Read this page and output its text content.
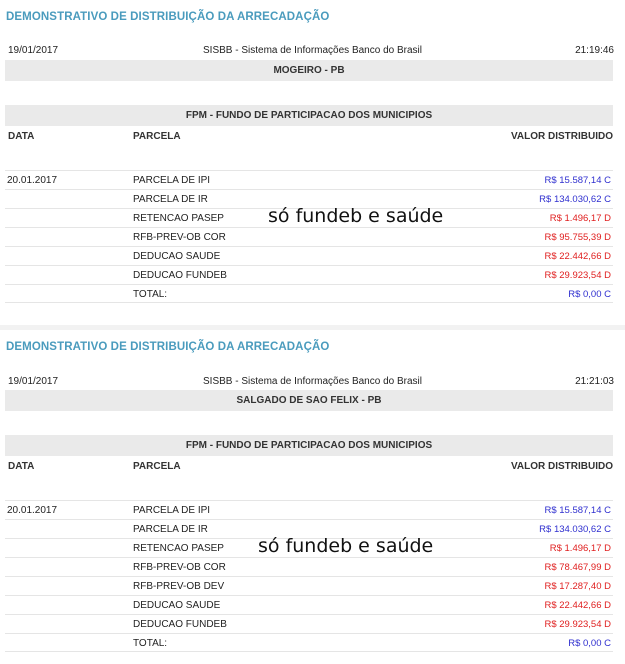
DEMONSTRATIVO DE DISTRIBUIÇÃO DA ARRECADAÇÃO
19/01/2017	SISBB - Sistema de Informações Banco do Brasil	21:19:46
MOGEIRO - PB
FPM - FUNDO DE PARTICIPACAO DOS MUNICIPIOS
DATA	PARCELA	VALOR DISTRIBUIDO
20.01.2017	PARCELA DE IPI	R$ 15.587,14 C
PARCELA DE IR	R$ 134.030,62 C
RETENCAO PASEP	R$ 1.496,17 D
RFB-PREV-OB COR	R$ 95.755,39 D
DEDUCAO SAUDE	R$ 22.442,66 D
DEDUCAO FUNDEB	R$ 29.923,54 D
TOTAL:	R$ 0,00 C
só fundeb e saúde
DEMONSTRATIVO DE DISTRIBUIÇÃO DA ARRECADAÇÃO
19/01/2017	SISBB - Sistema de Informações Banco do Brasil	21:21:03
SALGADO DE SAO FELIX - PB
FPM - FUNDO DE PARTICIPACAO DOS MUNICIPIOS
DATA	PARCELA	VALOR DISTRIBUIDO
20.01.2017	PARCELA DE IPI	R$ 15.587,14 C
PARCELA DE IR	R$ 134.030,62 C
RETENCAO PASEP	R$ 1.496,17 D
RFB-PREV-OB COR	R$ 78.467,99 D
RFB-PREV-OB DEV	R$ 17.287,40 D
DEDUCAO SAUDE	R$ 22.442,66 D
DEDUCAO FUNDEB	R$ 29.923,54 D
TOTAL:	R$ 0,00 C
só fundeb e saúde
